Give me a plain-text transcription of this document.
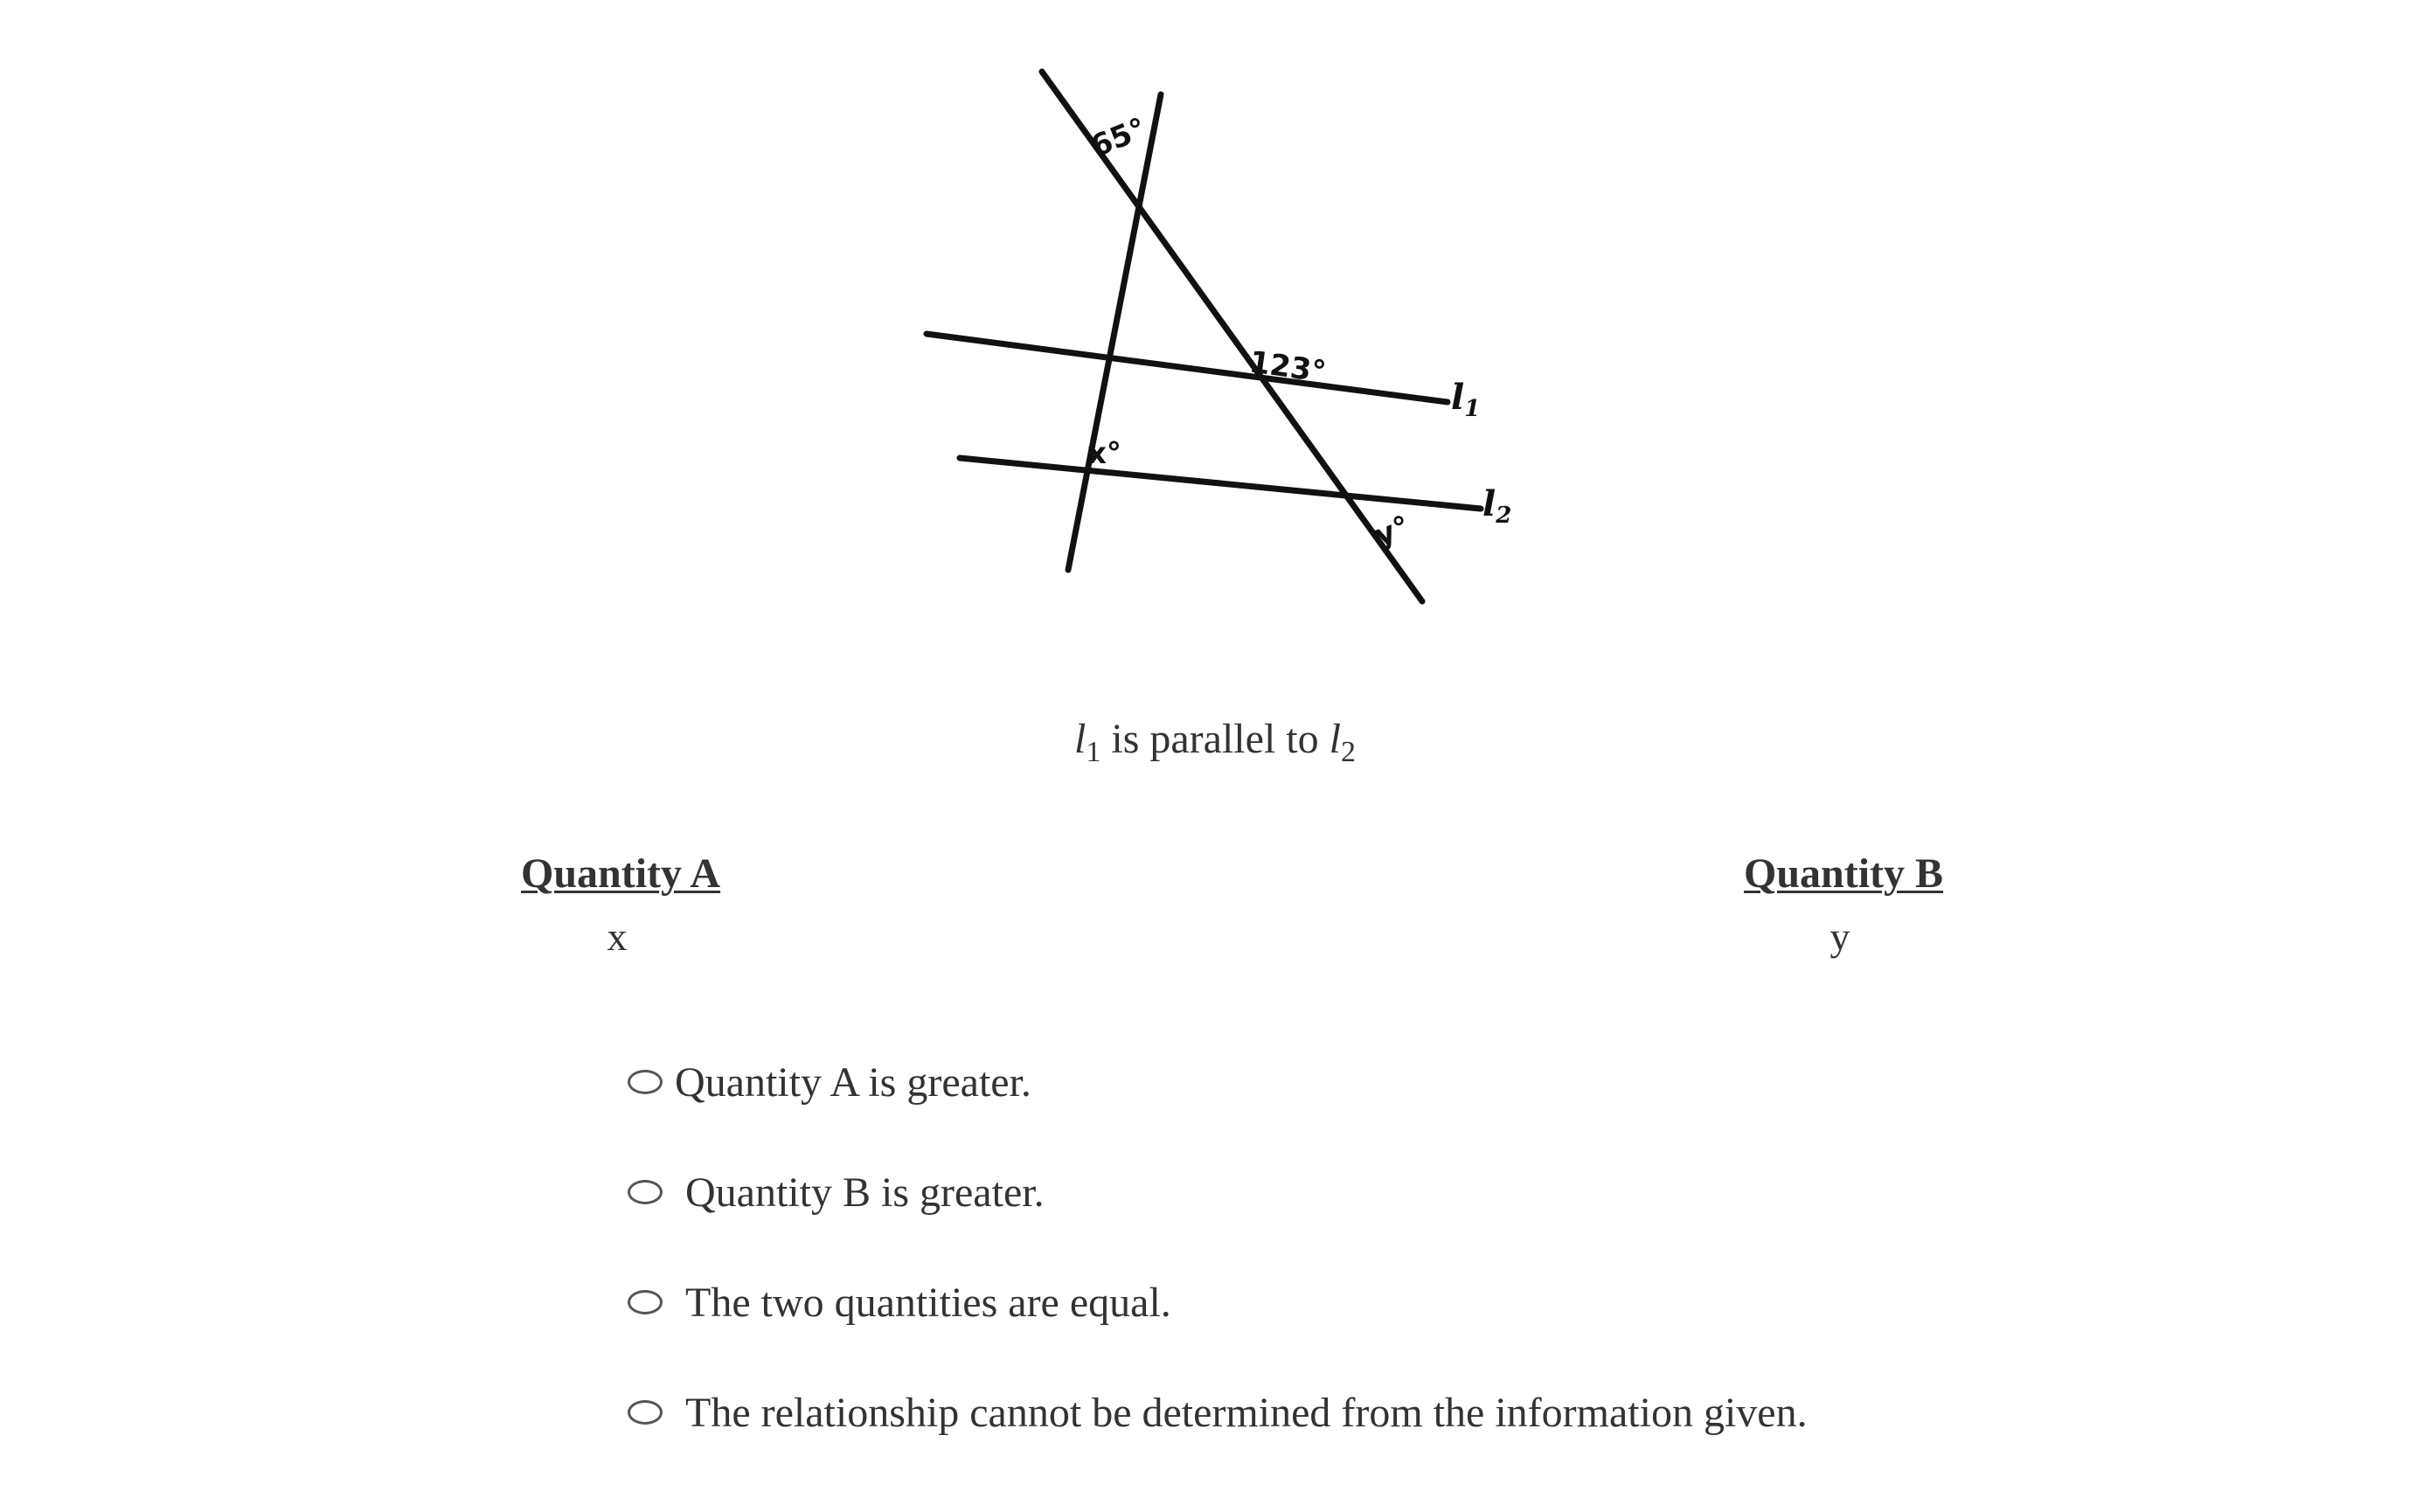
65°
123°
x°
y°
$l_1$
$l_2$
$l_1$ is parallel to $l_2$
Quantity A
x
Quantity B
y
Quantity A is greater.
Quantity B is greater.
The two quantities are equal.
The relationship cannot be determined from the information given.
